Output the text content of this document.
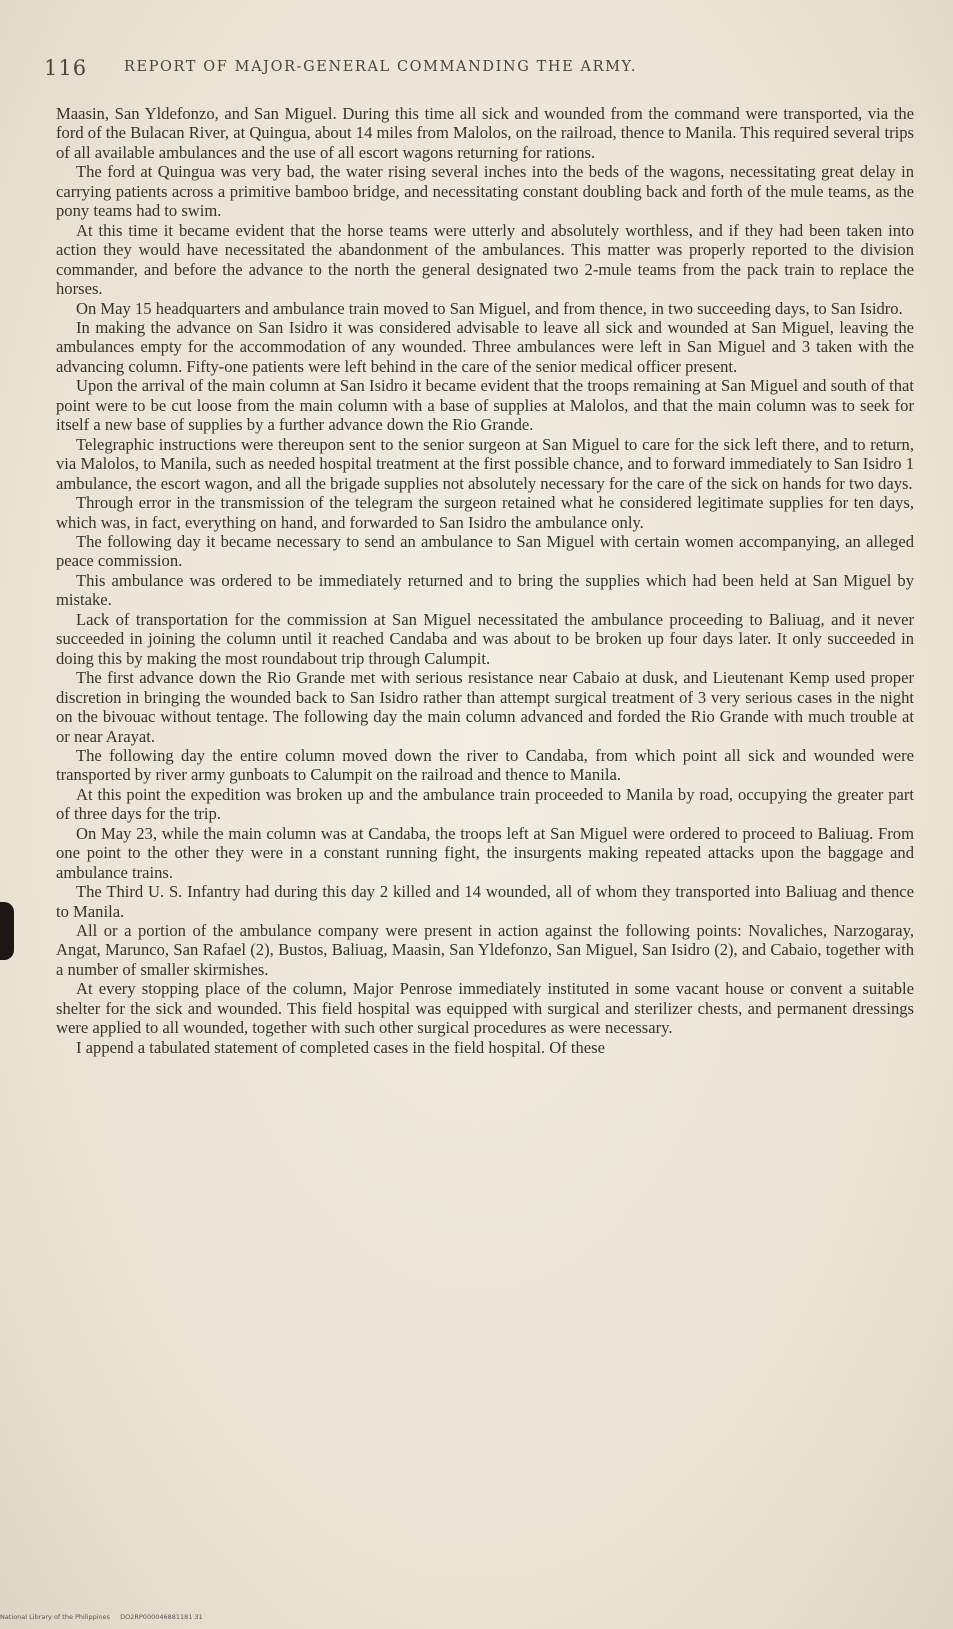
116	REPORT OF MAJOR-GENERAL COMMANDING THE ARMY.

Maasin, San Yldefonzo, and San Miguel. During this time all sick and wounded from the command were transported, via the ford of the Bulacan River, at Quingua, about 14 miles from Malolos, on the railroad, thence to Manila. This required several trips of all available ambulances and the use of all escort wagons returning for rations.

The ford at Quingua was very bad, the water rising several inches into the beds of the wagons, necessitating great delay in carrying patients across a primitive bamboo bridge, and necessitating constant doubling back and forth of the mule teams, as the pony teams had to swim.

At this time it became evident that the horse teams were utterly and absolutely worthless, and if they had been taken into action they would have necessitated the abandonment of the ambulances. This matter was properly reported to the division commander, and before the advance to the north the general designated two 2-mule teams from the pack train to replace the horses.

On May 15 headquarters and ambulance train moved to San Miguel, and from thence, in two succeeding days, to San Isidro.

In making the advance on San Isidro it was considered advisable to leave all sick and wounded at San Miguel, leaving the ambulances empty for the accommodation of any wounded. Three ambulances were left in San Miguel and 3 taken with the advancing column. Fifty-one patients were left behind in the care of the senior medical officer present.

Upon the arrival of the main column at San Isidro it became evident that the troops remaining at San Miguel and south of that point were to be cut loose from the main column with a base of supplies at Malolos, and that the main column was to seek for itself a new base of supplies by a further advance down the Rio Grande.

Telegraphic instructions were thereupon sent to the senior surgeon at San Miguel to care for the sick left there, and to return, via Malolos, to Manila, such as needed hospital treatment at the first possible chance, and to forward immediately to San Isidro 1 ambulance, the escort wagon, and all the brigade supplies not absolutely necessary for the care of the sick on hands for two days.

Through error in the transmission of the telegram the surgeon retained what he considered legitimate supplies for ten days, which was, in fact, everything on hand, and forwarded to San Isidro the ambulance only.

The following day it became necessary to send an ambulance to San Miguel with certain women accompanying, an alleged peace commission.

This ambulance was ordered to be immediately returned and to bring the supplies which had been held at San Miguel by mistake.

Lack of transportation for the commission at San Miguel necessitated the ambulance proceeding to Baliuag, and it never succeeded in joining the column until it reached Candaba and was about to be broken up four days later. It only succeeded in doing this by making the most roundabout trip through Calumpit.

The first advance down the Rio Grande met with serious resistance near Cabaio at dusk, and Lieutenant Kemp used proper discretion in bringing the wounded back to San Isidro rather than attempt surgical treatment of 3 very serious cases in the night on the bivouac without tentage. The following day the main column advanced and forded the Rio Grande with much trouble at or near Arayat.

The following day the entire column moved down the river to Candaba, from which point all sick and wounded were transported by river army gunboats to Calumpit on the railroad and thence to Manila.

At this point the expedition was broken up and the ambulance train proceeded to Manila by road, occupying the greater part of three days for the trip.

On May 23, while the main column was at Candaba, the troops left at San Miguel were ordered to proceed to Baliuag. From one point to the other they were in a constant running fight, the insurgents making repeated attacks upon the baggage and ambulance trains.

The Third U. S. Infantry had during this day 2 killed and 14 wounded, all of whom they transported into Baliuag and thence to Manila.

All or a portion of the ambulance company were present in action against the following points: Novaliches, Narzogaray, Angat, Marunco, San Rafael (2), Bustos, Baliuag, Maasin, San Yldefonzo, San Miguel, San Isidro (2), and Cabaio, together with a number of smaller skirmishes.

At every stopping place of the column, Major Penrose immediately instituted in some vacant house or convent a suitable shelter for the sick and wounded. This field hospital was equipped with surgical and sterilizer chests, and permanent dressings were applied to all wounded, together with such other surgical procedures as were necessary.

I append a tabulated statement of completed cases in the field hospital. Of these

National Library of the Philippines DO2RP000046881181 31
